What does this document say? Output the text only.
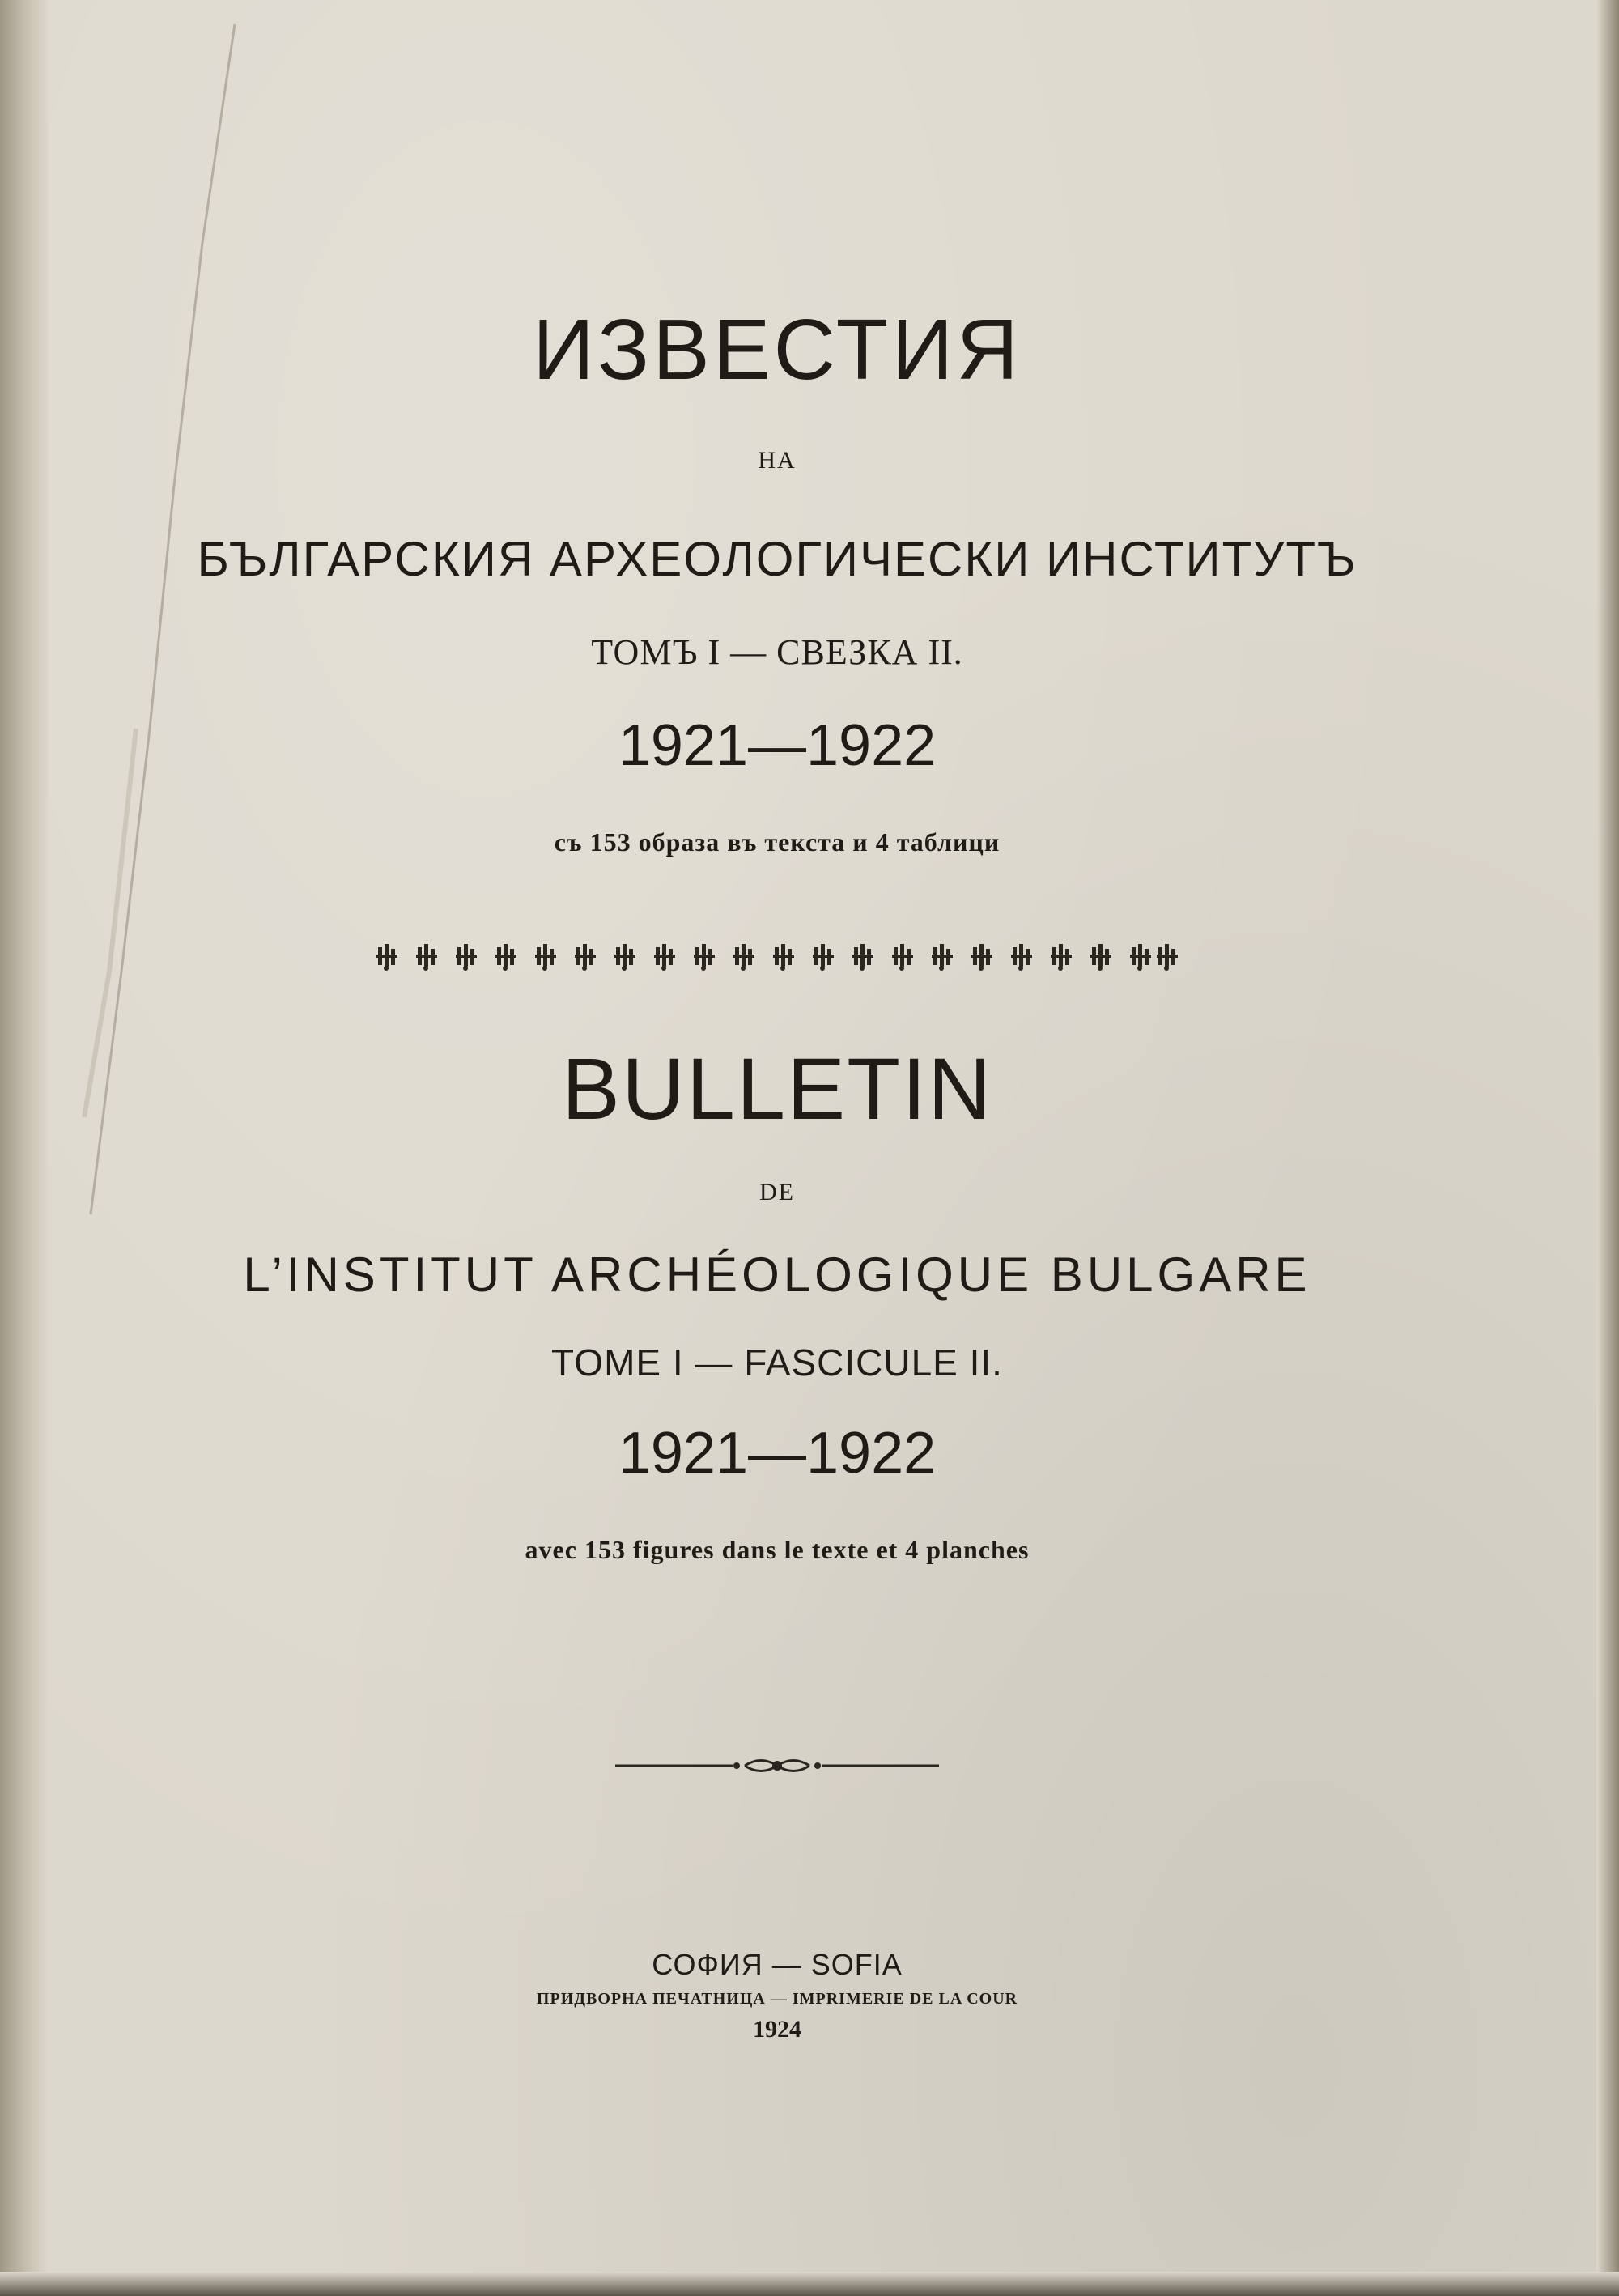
ИЗВЕСТИЯ
НА
БЪЛГАРСКИЯ АРХЕОЛОГИЧЕСКИ ИНСТИТУТЪ
ТОМЪ I — СВЕЗКА II.
1921—1922
съ 153 образа въ текста и 4 таблици
BULLETIN
DE
L’INSTITUT ARCHÉOLOGIQUE BULGARE
TOME I — FASCICULE II.
1921—1922
avec 153 figures dans le texte et 4 planches
СОФИЯ — SOFIA
ПРИДВОРНА ПЕЧАТНИЦА — IMPRIMERIE DE LA COUR
1924
